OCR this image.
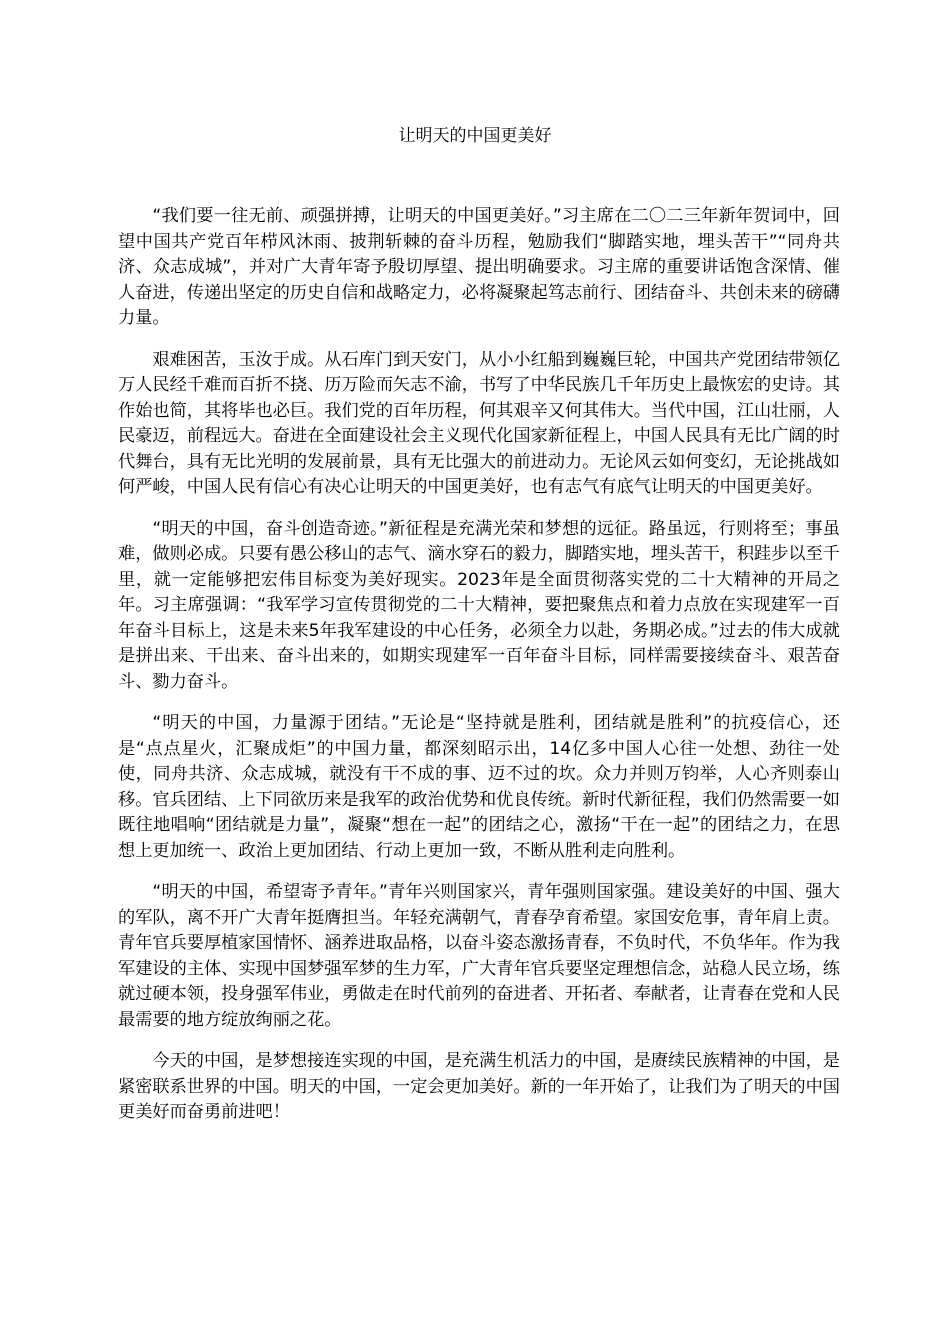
让明天的中国更美好

“我们要一往无前、顽强拼搏，让明天的中国更美好。”习主席在二〇二三年新年贺词中，回望中国共产党百年栉风沐雨、披荆斩棘的奋斗历程，勉励我们“脚踏实地，埋头苦干”“同舟共济、众志成城”，并对广大青年寄予殷切厚望、提出明确要求。习主席的重要讲话饱含深情、催人奋进，传递出坚定的历史自信和战略定力，必将凝聚起笃志前行、团结奋斗、共创未来的磅礴力量。

艰难困苦，玉汝于成。从石库门到天安门，从小小红船到巍巍巨轮，中国共产党团结带领亿万人民经千难而百折不挠、历万险而矢志不渝，书写了中华民族几千年历史上最恢宏的史诗。其作始也简，其将毕也必巨。我们党的百年历程，何其艰辛又何其伟大。当代中国，江山壮丽，人民豪迈，前程远大。奋进在全面建设社会主义现代化国家新征程上，中国人民具有无比广阔的时代舞台，具有无比光明的发展前景，具有无比强大的前进动力。无论风云如何变幻，无论挑战如何严峻，中国人民有信心有决心让明天的中国更美好，也有志气有底气让明天的中国更美好。

“明天的中国，奋斗创造奇迹。”新征程是充满光荣和梦想的远征。路虽远，行则将至；事虽难，做则必成。只要有愚公移山的志气、滴水穿石的毅力，脚踏实地，埋头苦干，积跬步以至千里，就一定能够把宏伟目标变为美好现实。2023年是全面贯彻落实党的二十大精神的开局之年。习主席强调：“我军学习宣传贯彻党的二十大精神，要把聚焦点和着力点放在实现建军一百年奋斗目标上，这是未来5年我军建设的中心任务，必须全力以赴，务期必成。”过去的伟大成就是拼出来、干出来、奋斗出来的，如期实现建军一百年奋斗目标，同样需要接续奋斗、艰苦奋斗、勠力奋斗。

“明天的中国，力量源于团结。”无论是“坚持就是胜利，团结就是胜利”的抗疫信心，还是“点点星火，汇聚成炬”的中国力量，都深刻昭示出，14亿多中国人心往一处想、劲往一处使，同舟共济、众志成城，就没有干不成的事、迈不过的坎。众力并则万钧举，人心齐则泰山移。官兵团结、上下同欲历来是我军的政治优势和优良传统。新时代新征程，我们仍然需要一如既往地唱响“团结就是力量”，凝聚“想在一起”的团结之心，激扬“干在一起”的团结之力，在思想上更加统一、政治上更加团结、行动上更加一致，不断从胜利走向胜利。

“明天的中国，希望寄予青年。”青年兴则国家兴，青年强则国家强。建设美好的中国、强大的军队，离不开广大青年挺膺担当。年轻充满朝气，青春孕育希望。家国安危事，青年肩上责。青年官兵要厚植家国情怀、涵养进取品格，以奋斗姿态激扬青春，不负时代，不负华年。作为我军建设的主体、实现中国梦强军梦的生力军，广大青年官兵要坚定理想信念，站稳人民立场，练就过硬本领，投身强军伟业，勇做走在时代前列的奋进者、开拓者、奉献者，让青春在党和人民最需要的地方绽放绚丽之花。

今天的中国，是梦想接连实现的中国，是充满生机活力的中国，是赓续民族精神的中国，是紧密联系世界的中国。明天的中国，一定会更加美好。新的一年开始了，让我们为了明天的中国更美好而奋勇前进吧！
